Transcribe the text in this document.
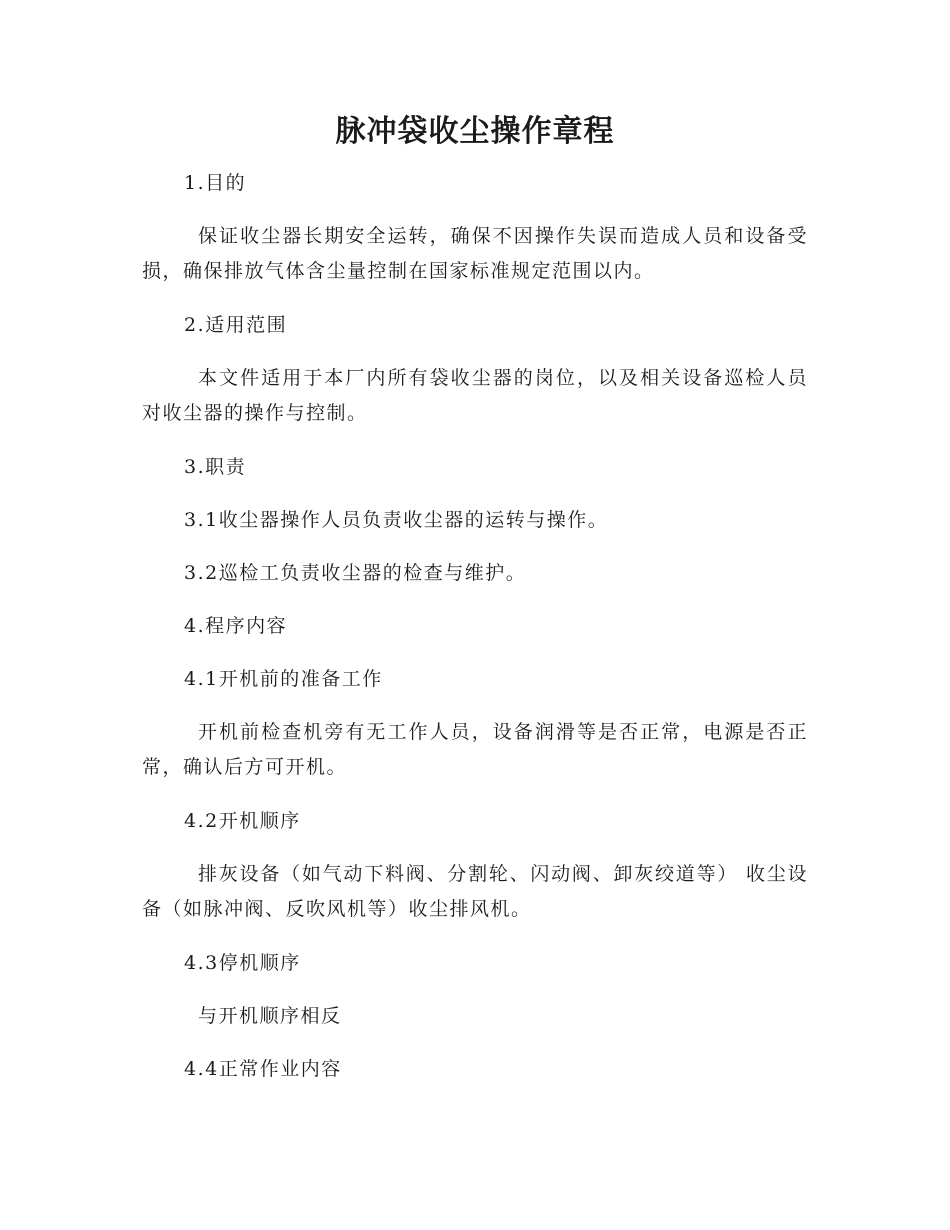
脉冲袋收尘操作章程

1.目的

保证收尘器长期安全运转，确保不因操作失误而造成人员和设备受损，确保排放气体含尘量控制在国家标准规定范围以内。

2.适用范围

本文件适用于本厂内所有袋收尘器的岗位，以及相关设备巡检人员对收尘器的操作与控制。

3.职责

3.1收尘器操作人员负责收尘器的运转与操作。

3.2巡检工负责收尘器的检查与维护。

4.程序内容

4.1开机前的准备工作

开机前检查机旁有无工作人员，设备润滑等是否正常，电源是否正常，确认后方可开机。

4.2开机顺序

排灰设备（如气动下料阀、分割轮、闪动阀、卸灰绞道等） 收尘设备（如脉冲阀、反吹风机等）收尘排风机。

4.3停机顺序

与开机顺序相反

4.4正常作业内容
